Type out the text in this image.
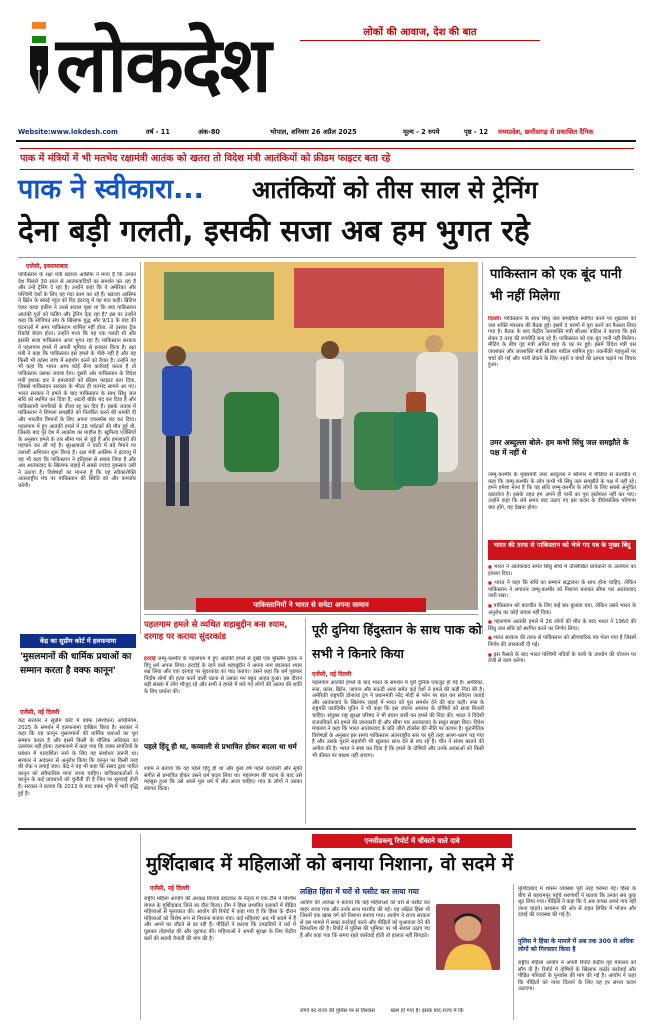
लोकदेश	लोकों की आवाज, देश की बात
Website:www.lokdesh.com	वर्ष - 11	अंक-80	भोपाल, शनिवार 26 अप्रैल 2025	मूल्य - 2 रुपये	पृष्ठ - 12 मध्यप्रदेश, छत्तीसगढ़ से प्रकाशित दैनिक
पाक में मंत्रियों में भी मतभेद रक्षामंत्री आतंक को खतरा तो विदेश मंत्री आतंकियों को फ्रीडम फाइटर बता रहे
पाक ने स्वीकारा...	आतंकियों को तीस साल से ट्रेनिंग
देना बड़ी गलती, इसकी सजा अब हम भुगत रहे
एजेंसी, इस्लामाबाद
पाकिस्तान के रक्षा मंत्री ख्वाजा आसिफ ने माना है कि उनका देश पिछले 30 साल से आतंकवादियों का समर्थन कर रहा है और उन्हें ट्रेनिंग दे रहा है। उन्होंने कहा कि ये अमेरिका और पश्चिमी देशों के लिए यह गंदा काम कर रहे हैं। ख्वाजा आसिफ ने ब्रिटेन के स्काई न्यूज़ को दिए इंटरव्यू में यह बात कही। ब्रिटिश एंकर यल्दा हकीम ने उनसे सवाल पूछा था कि क्या पाकिस्तान आतंकी गुटों को फंडिंग और ट्रेनिंग देता रहा है? इस पर उन्होंने कहा कि सोवियत संघ के खिलाफ युद्ध और 9/11 के बाद की घटनाओं में अगर पाकिस्तान शामिल नहीं होता, तो उसका ट्रैक रिकॉर्ड बेदाग होता। उन्होंने माना कि यह एक गलती थी और इसकी सजा पाकिस्तान आज भुगत रहा है। पाकिस्तान सरकार ने पहलगाम हमले में अपनी भूमिका से इनकार किया है। रक्षा मंत्री ने कहा कि पाकिस्तान इस हमले के पीछे नहीं है और वह किसी भी तटस्थ जांच में सहयोग करने को तैयार है। उन्होंने यह भी कहा कि भारत अगर कोई सैन्य कार्रवाई करता है तो पाकिस्तान उसका जवाब देगा। दूसरी ओर पाकिस्तान के विदेश मंत्री इशाक डार ने हमलावरों को फ्रीडम फाइटर बता दिया, जिससे पाकिस्तान सरकार के भीतर ही मतभेद सामने आ गए। भारत सरकार ने हमले के बाद पाकिस्तान के साथ सिंधु जल संधि को स्थगित कर दिया है, अटारी बॉर्डर बंद कर दिया है और पाकिस्तानी नागरिकों के वीजा रद्द कर दिए हैं। इसके जवाब में पाकिस्तान ने शिमला समझौते को निलंबित करने की धमकी दी और भारतीय विमानों के लिए अपना एयरस्पेस बंद कर दिया। पहलगाम में हुए आतंकी हमले में 26 पर्यटकों की मौत हुई थी, जिसके बाद पूरे देश में आक्रोश का माहौल है। खुफिया एजेंसियों के अनुसार हमले के तार सीमा पार से जुड़े हैं और हमलावरों की पहचान कर ली गई है। सुरक्षाबलों ने घाटी में बड़े पैमाने पर तलाशी अभियान शुरू किया है। रक्षा मंत्री आसिफ ने इंटरव्यू में यह भी कहा कि पाकिस्तान ने इतिहास से सबक लिया है और अब आतंकवाद के खिलाफ लड़ाई में सबसे ज्यादा नुकसान उसी ने उठाया है। विशेषज्ञों का मानना है कि यह स्वीकारोक्ति अंतरराष्ट्रीय मंच पर पाकिस्तान की स्थिति को और कमजोर करेगी।
पाकिस्तानियों ने भारत से समेटा अपना सामान
पाकिस्तान को एक बूंद पानी भी नहीं मिलेगा
दिल्ली। पाकिस्तान के साथ सिंधु जल समझौता स्थगित करने पर शुक्रवार को जल शक्ति मंत्रालय की बैठक हुई। इसमें 3 चरणों में पूरा करने का फैसला लिया गया है। बैठक के बाद केंद्रीय जलशक्ति मंत्री सीआर पाटिल ने बताया कि इसे लेकर 3 तरह की रणनीति बना रहे हैं। पाकिस्तान को एक बूंद पानी नहीं मिलेगा। मीटिंग के बीच गृह मंत्री अमित शाह के घर पर हुई। इसमें विदेश मंत्री एस जयशंकर और जलशक्ति मंत्री सीआर पाटिल शामिल हुए। तकनीकी पहलुओं पर चर्चा की गई और पानी रोकने के लिए नहरों व बांधों की क्षमता बढ़ाने पर विचार हुआ।
उमर अब्दुल्ला बोले- हम कभी सिंधु जल समझौते के पक्ष में नहीं थे
जम्मू-कश्मीर के मुख्यमंत्री उमर अब्दुल्ला ने श्रीनगर में मीडिया से बातचीत में कहा कि जम्मू-कश्मीर के लोग कभी भी सिंधु जल समझौते के पक्ष में नहीं रहे। हमने हमेशा माना है कि यह संधि जम्मू-कश्मीर के लोगों के लिए सबसे अनुचित दस्तावेज है। इसके तहत हम अपने ही पानी का पूरा इस्तेमाल नहीं कर पाए। उन्होंने कहा कि लंबे समय बाद उठाए गए इस कदम के दीर्घकालिक परिणाम क्या होंगे, यह देखना होगा।
भारत की तरफ से पाकिस्तान को भेजे गए पत्र के मुख्य बिंदु
■ भारत ने आतंकवाद समेत सिंधु संधि में उल्लिखित प्रावधानों के उल्लंघन का हवाला दिया।
■ भारत ने कहा कि संधि का सम्मान सद्भावना के साथ होना चाहिए, लेकिन पाकिस्तान ने लगातार जम्मू-कश्मीर को निशाना बनाकर सीमा पार आतंकवाद जारी रखा।
■ पाकिस्तान को बातचीत के लिए कई बार बुलाया गया, लेकिन उसने भारत के अनुरोध का कोई जवाब नहीं दिया।
■ पहलगाम आतंकी हमले में 26 लोगों की मौत के बाद भारत ने 1960 की सिंधु जल संधि को स्थगित करने का निर्णय लिया।
■ भारत सरकार की तरफ से पाकिस्तान को औपचारिक पत्र भेजा गया है जिसमें निर्णय की जानकारी दी गई।
■ इस फैसले के बाद भारत पश्चिमी नदियों के पानी के उपयोग की योजना पर तेजी से काम करेगा।
पहलगाम हमले से व्यथित शहाबुद्दीन बना श्याम, दरगाह पर कराया सुंदरकांड
हरदोई जम्मू-कश्मीर के पहलगाम में हुए आतंकी हमले से दुखी एक मुस्लिम युवक ने हिंदू धर्म अपना लिया। हरदोई के रहने वाले शहाबुद्दीन ने अपना नाम बदलकर श्याम रख लिया और एक दरगाह पर सुंदरकांड का पाठ कराया। उसने कहा कि धर्म पूछकर निर्दोष लोगों की हत्या करने वाली घटना से उसका मन बहुत आहत हुआ। इस दौरान बड़ी संख्या में लोग मौजूद रहे और सभी ने हमले में मारे गए लोगों की आत्मा की शांति के लिए प्रार्थना की।
पहले हिंदू ही था, कव्वाली से प्रभावित होकर बदला था धर्म
श्याम ने बताया कि वह पहले हिंदू ही था और कुछ वर्ष पहले कव्वाली और सूफी संगीत से प्रभावित होकर उसने धर्म बदल लिया था। पहलगाम की घटना के बाद उसे महसूस हुआ कि उसे अपने मूल धर्म में लौट आना चाहिए। गांव के लोगों ने उसका स्वागत किया।
पूरी दुनिया हिंदुस्तान के साथ पाक को सभी ने किनारे किया
एजेंसी, नई दिल्ली
पहलगाम आतंकी हमले के बाद भारत के समर्थन में पूरी दुनिया एकजुट हो गई है। अमेरिका, रूस, फ्रांस, ब्रिटेन, जापान और सऊदी अरब समेत कई देशों ने हमले की कड़ी निंदा की है। अमेरिकी राष्ट्रपति डोनाल्ड ट्रंप ने प्रधानमंत्री नरेंद्र मोदी से फोन पर बात कर संवेदना जताई और आतंकवाद के खिलाफ लड़ाई में भारत को पूरा समर्थन देने की बात कही। रूस के राष्ट्रपति व्लादिमीर पुतिन ने भी कहा कि इस जघन्य अपराध के दोषियों को सजा मिलनी चाहिए। संयुक्त राष्ट्र सुरक्षा परिषद ने भी बयान जारी कर हमले की निंदा की। भारत ने विदेशी राजनयिकों को हमले की जानकारी दी और सीमा पार आतंकवाद के सबूत साझा किए। विदेश मंत्रालय ने कहा कि भारत आतंकवाद के प्रति जीरो टॉलरेंस की नीति पर कायम है। कूटनीतिक विशेषज्ञों के अनुसार इस समय पाकिस्तान अंतरराष्ट्रीय स्तर पर पूरी तरह अलग-थलग पड़ गया है और उसके पुराने सहयोगी भी खुलकर साथ देने से बच रहे हैं। चीन ने संयम बरतने की अपील की है। भारत ने स्पष्ट कर दिया है कि हमले के दोषियों और उनके आकाओं को किसी भी कीमत पर बख्शा नहीं जाएगा।
केंद्र का सुप्रीम कोर्ट में हलफनामा
'मुसलमानों की धार्मिक प्रथाओं का सम्मान करता है वक्फ कानून'
एजेंसी, नई दिल्ली
केंद्र सरकार ने सुप्रीम कोर्ट में वक्फ (संशोधन) अधिनियम, 2025 के समर्थन में हलफनामा दाखिल किया है। सरकार ने कहा कि यह कानून मुसलमानों की धार्मिक प्रथाओं का पूरा सम्मान करता है और इसमें किसी के मौलिक अधिकार का उल्लंघन नहीं होता। हलफनामे में कहा गया कि वक्फ संपत्तियों के प्रबंधन में पारदर्शिता लाने के लिए यह संशोधन जरूरी था। सरकार ने अदालत से अनुरोध किया कि कानून पर किसी तरह की रोक न लगाई जाए। केंद्र ने यह भी कहा कि संसद द्वारा पारित कानून को संवैधानिक माना जाना चाहिए। याचिकाकर्ताओं ने कानून के कई प्रावधानों को चुनौती दी है जिन पर सुनवाई होनी है। सरकार ने बताया कि 2013 के बाद वक्फ भूमि में भारी वृद्धि हुई है।
एनसीडब्ल्यू रिपोर्ट में चौंकाने वाले दावे
मुर्शिदाबाद में महिलाओं को बनाया निशाना, वो सदमे में
एजेंसी, नई दिल्ली
राष्ट्रीय महिला आयोग की अध्यक्ष विजया रहाटकर के नेतृत्व में एक टीम ने पश्चिम बंगाल के मुर्शिदाबाद जिले का दौरा किया। टीम ने हिंसा प्रभावित इलाकों में पीड़ित महिलाओं से मुलाकात की। आयोग की रिपोर्ट में कहा गया है कि हिंसा के दौरान महिलाओं को विशेष रूप से निशाना बनाया गया। कई महिलाएं अब भी सदमे में हैं और अपने घर लौटने से डर रही हैं। पीड़ितों ने बताया कि उपद्रवियों ने घरों में घुसकर तोड़फोड़ की और लूटपाट की। महिलाओं ने अपनी सुरक्षा के लिए केंद्रीय बलों की स्थायी तैनाती की मांग की है।
लक्षित हिंसा में घरों से घसीट कर लाया गया
आयोग की अध्यक्ष ने बताया कि कई महिलाओं को घरों से घसीट कर बाहर लाया गया और उनके साथ मारपीट की गई। यह लक्षित हिंसा थी जिसमें एक खास वर्ग को निशाना बनाया गया। आयोग ने राज्य सरकार से इस मामले में सख्त कार्रवाई करने और पीड़ितों को मुआवजा देने की सिफारिश की है। रिपोर्ट में पुलिस की भूमिका पर भी सवाल उठाए गए हैं और कहा गया कि समय रहते कार्रवाई होती तो हालात नहीं बिगड़ते।
लोगों का राज्य की पुलिस पर से विश्वास	खत्म हो गया है। इसके बाद राज्य में कि
मुर्शिदाबाद में शासन व्यवस्था पूरी तरह चरमरा गई। हिंसा के बीच से बहरामपुर पहुंचे शरणार्थी ने बताया कि उनका सब कुछ लूट लिया गया। पीड़ितों ने कहा कि वे अब वापस अपने गांव नहीं जाना चाहते। प्रशासन की ओर से राहत शिविर में भोजन और दवाई की व्यवस्था की गई है।
पुलिस ने हिंसा के मामले में अब तक 300 से अधिक लोगों को गिरफ्तार किया है
राष्ट्रीय महिला आयोग ने अपनी रिपोर्ट केंद्रीय गृह मंत्रालय को सौंप दी है। रिपोर्ट में दोषियों के खिलाफ कठोर कार्रवाई और पीड़ित परिवारों के पुनर्वास की मांग की गई है। आयोग ने कहा कि पीड़ितों को न्याय दिलाने के लिए वह हर संभव कदम उठाएगा।
